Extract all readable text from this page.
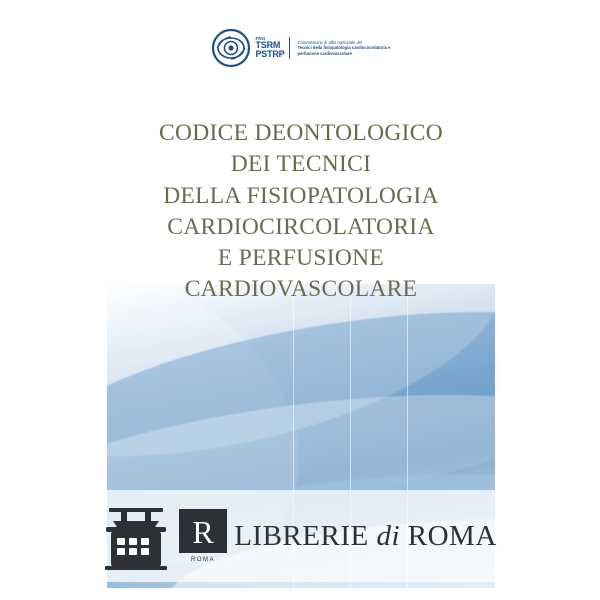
FNO
TSRM
PSTRP
Commissione di albo nazionale dei
Tecnici della fisiopatologia cardiocircolatoria e
perfusione cardiovascolare
CODICE DEONTOLOGICO
DEI TECNICI
DELLA FISIOPATOLOGIA
CARDIOCIRCOLATORIA
E PERFUSIONE
CARDIOVASCOLARE
R
ROMA
LIBRERIE di ROMA
